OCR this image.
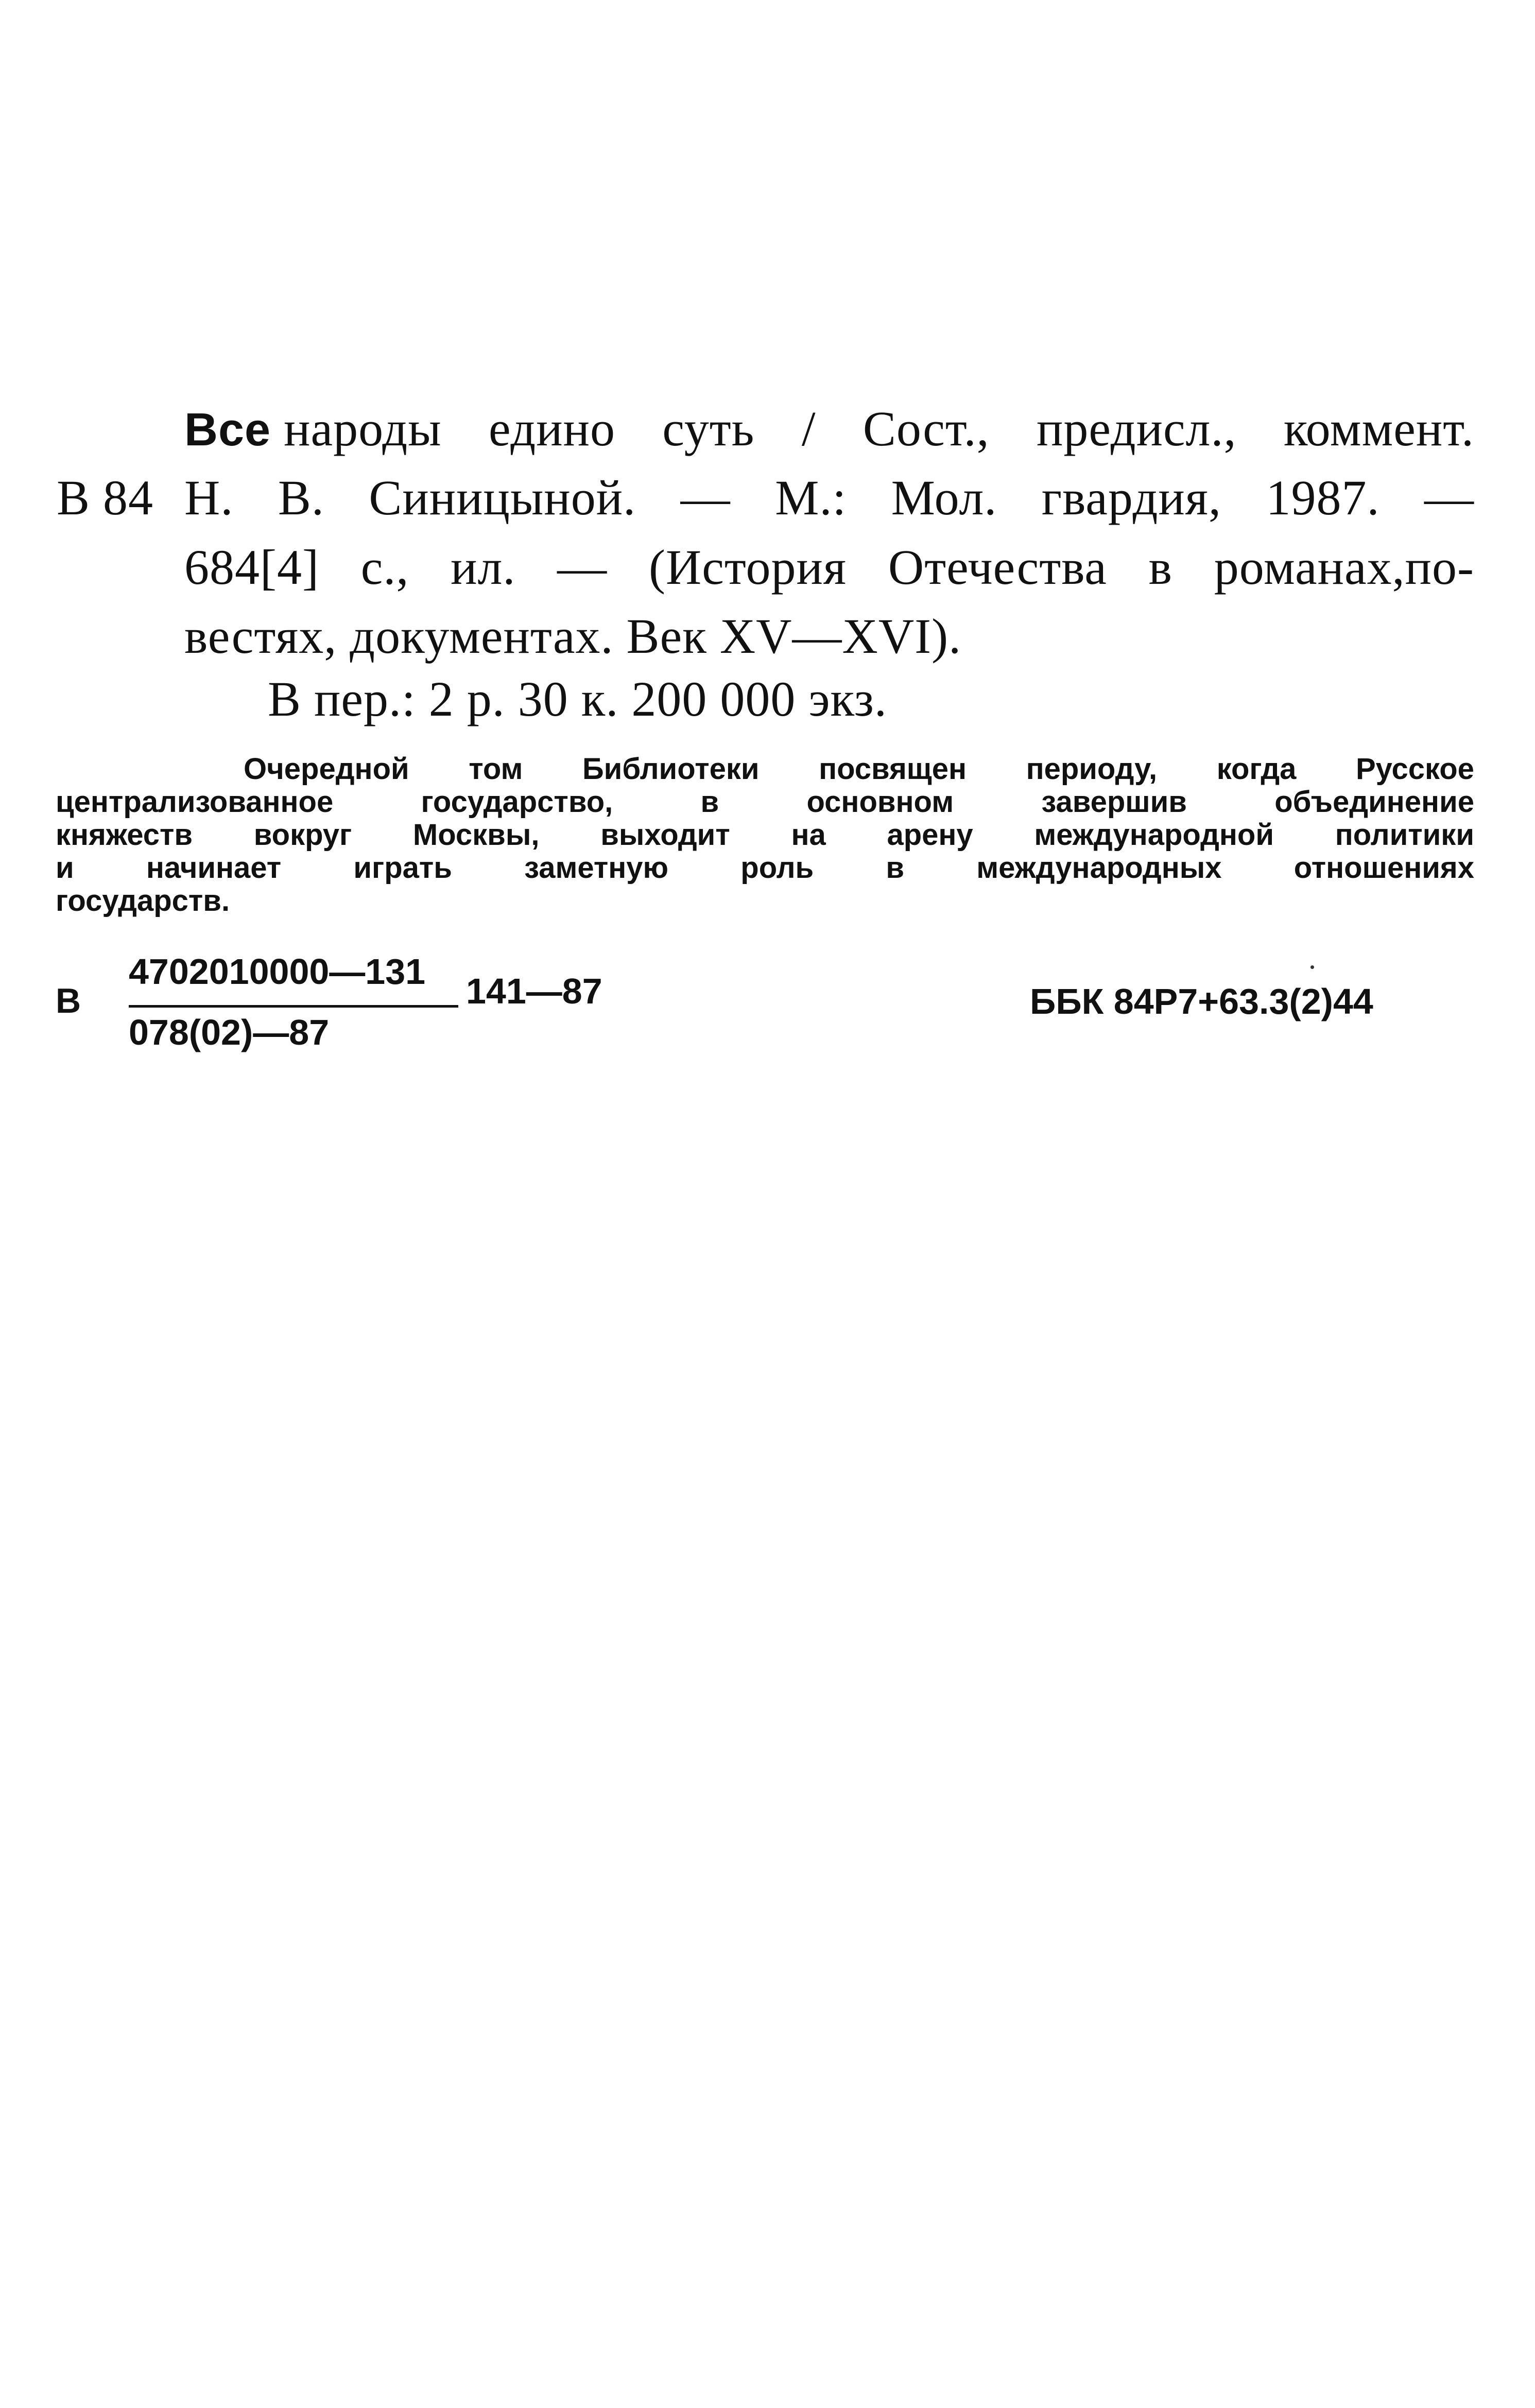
Все народы едино суть / Сост., предисл., коммент.
В 84 Н. В. Синицыной. — М.: Мол. гвардия, 1987. —
684[4] с., ил. — (История Отечества в романах,по-
вестях, документах. Век XV—XVI).
В пер.: 2 р. 30 к. 200 000 экз.
Очередной том Библиотеки посвящен периоду, когда Русское
централизованное	государство,	в	основном	завершив	объединение
княжеств вокруг Москвы, выходит на арену международной политики
и начинает играть заметную роль в международных отношениях
государств.
В
4702010000—131
078(02)—87
141—87	ББК 84Р7+63.3(2)44
